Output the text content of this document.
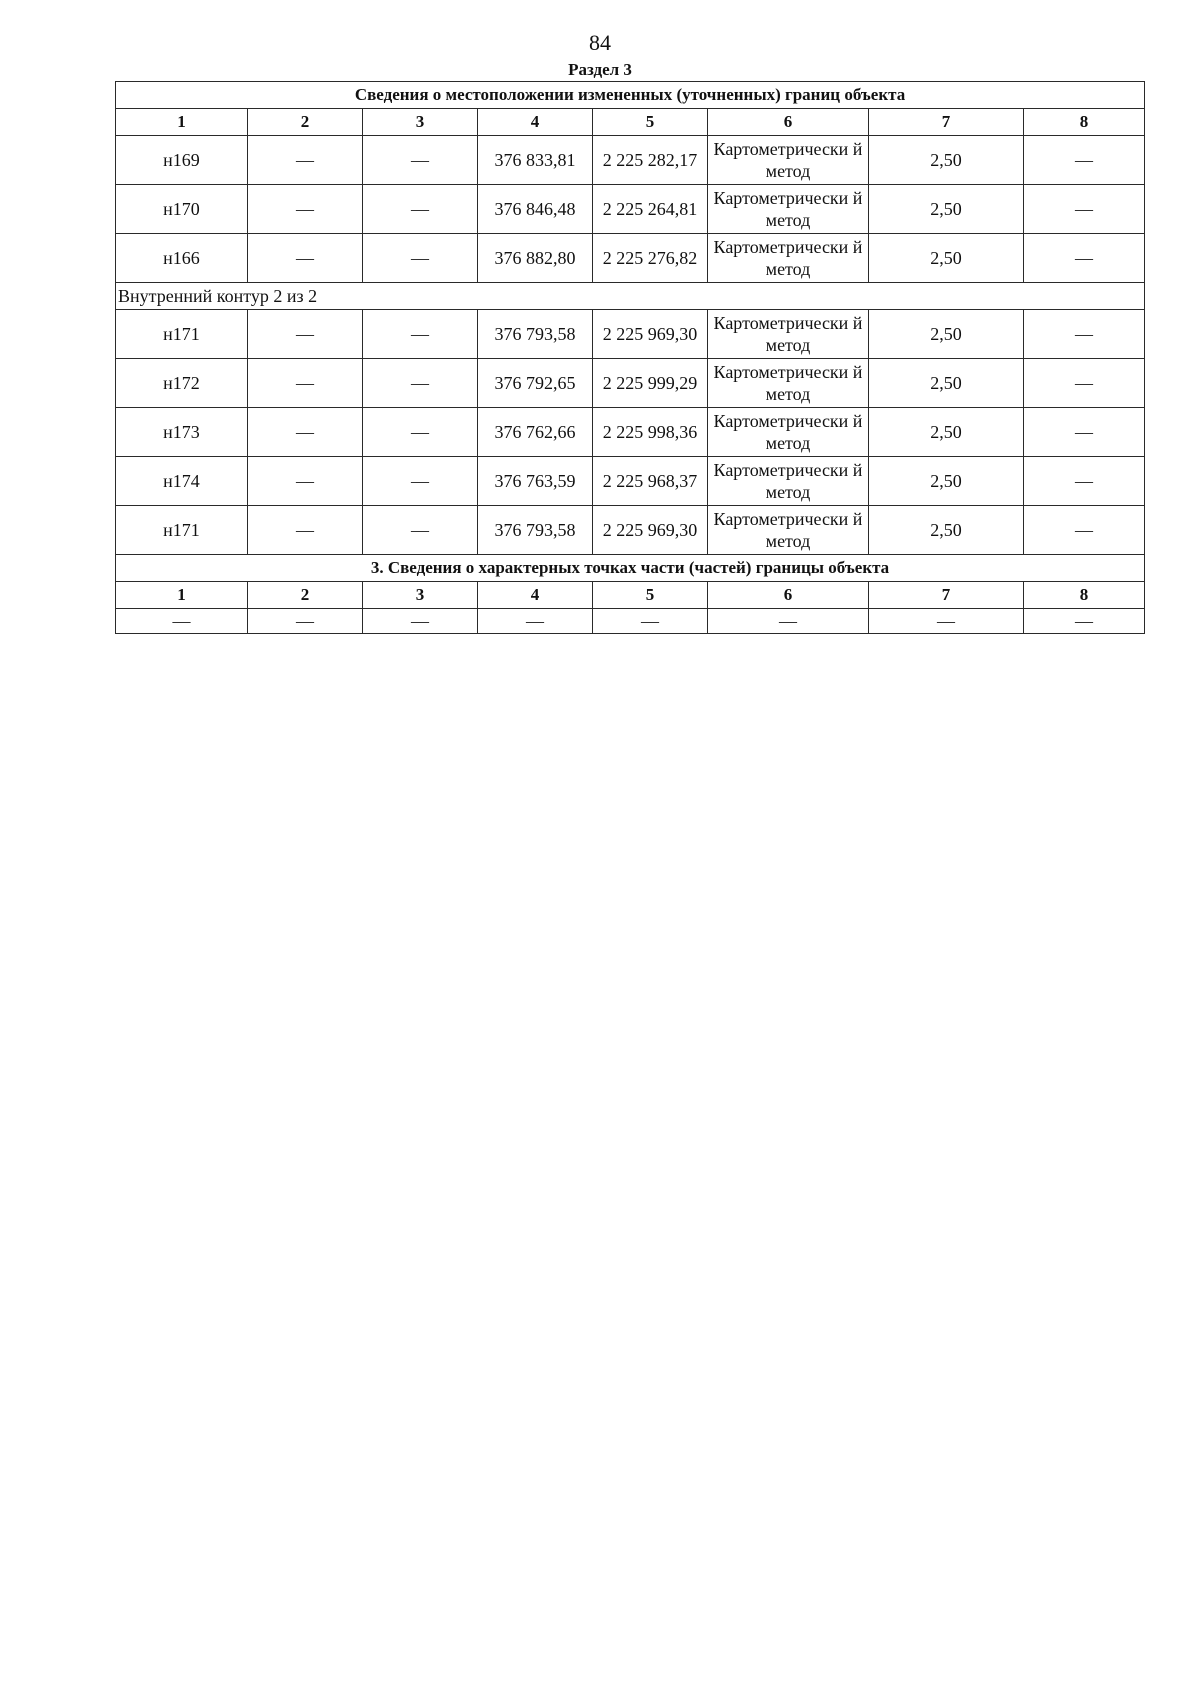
84
Раздел 3
Сведения о местоположении измененных (уточненных) границ объекта							
1	2	3	4	5	6	7	8
н169	—	—	376 833,81	2 225 282,17	Картометрически й метод	2,50	—
н170	—	—	376 846,48	2 225 264,81	Картометрически й метод	2,50	—
н166	—	—	376 882,80	2 225 276,82	Картометрически й метод	2,50	—
Внутренний контур 2 из 2							
н171	—	—	376 793,58	2 225 969,30	Картометрически й метод	2,50	—
н172	—	—	376 792,65	2 225 999,29	Картометрически й метод	2,50	—
н173	—	—	376 762,66	2 225 998,36	Картометрически й метод	2,50	—
н174	—	—	376 763,59	2 225 968,37	Картометрически й метод	2,50	—
н171	—	—	376 793,58	2 225 969,30	Картометрически й метод	2,50	—
3. Сведения о характерных точках части (частей) границы объекта							
1	2	3	4	5	6	7	8
—	—	—	—	—	—	—	—
